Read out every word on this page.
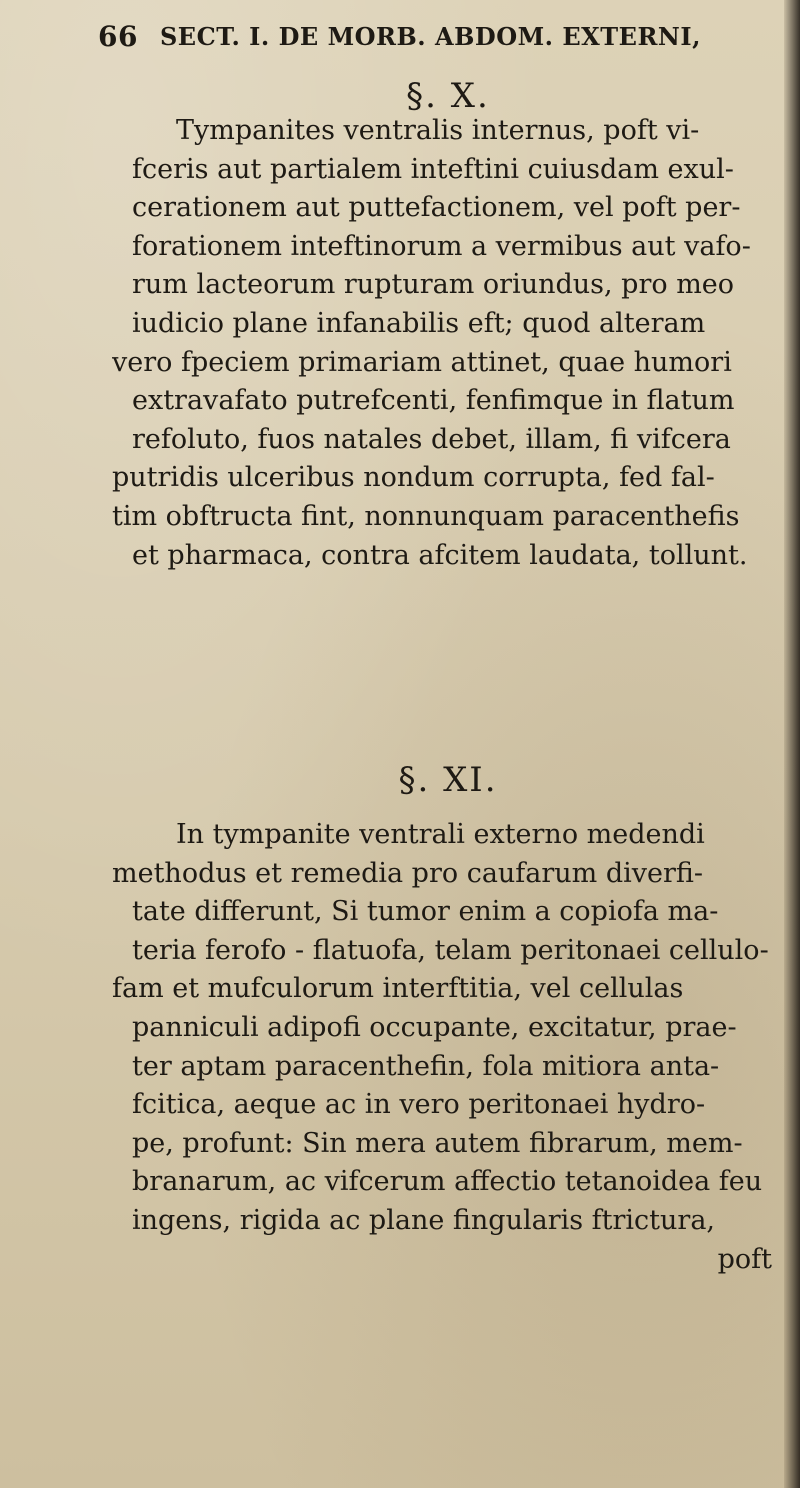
66 SECT. I. DE MORB. ABDOM. EXTERNI,
§. X.
Tympanites ventralis internus, poft vi-
fceris aut partialem inteftini cuiusdam exul-
cerationem aut puttefactionem, vel poft per-
forationem inteftinorum a vermibus aut vafo-
rum lacteorum rupturam oriundus, pro meo
iudicio plane infanabilis eft; quod alteram
vero fpeciem primariam attinet, quae humori
extravafato putrefcenti, fenfimque in flatum
refoluto, fuos natales debet, illam, fi vifcera
putridis ulceribus nondum corrupta, fed fal-
tim obftructa fint, nonnunquam paracenthefis
et pharmaca, contra afcitem laudata, tollunt.
§. XI.
In tympanite ventrali externo medendi
methodus et remedia pro caufarum diverfi-
tate differunt, Si tumor enim a copiofa ma-
teria ferofo - flatuofa, telam peritonaei cellulo-
fam et mufculorum interftitia, vel cellulas
panniculi adipofi occupante, excitatur, prae-
ter aptam paracenthefin, fola mitiora anta-
fcitica, aeque ac in vero peritonaei hydro-
pe, profunt: Sin mera autem fibrarum, mem-
branarum, ac vifcerum affectio tetanoidea feu
ingens, rigida ac plane fingularis ftrictura,
poft
